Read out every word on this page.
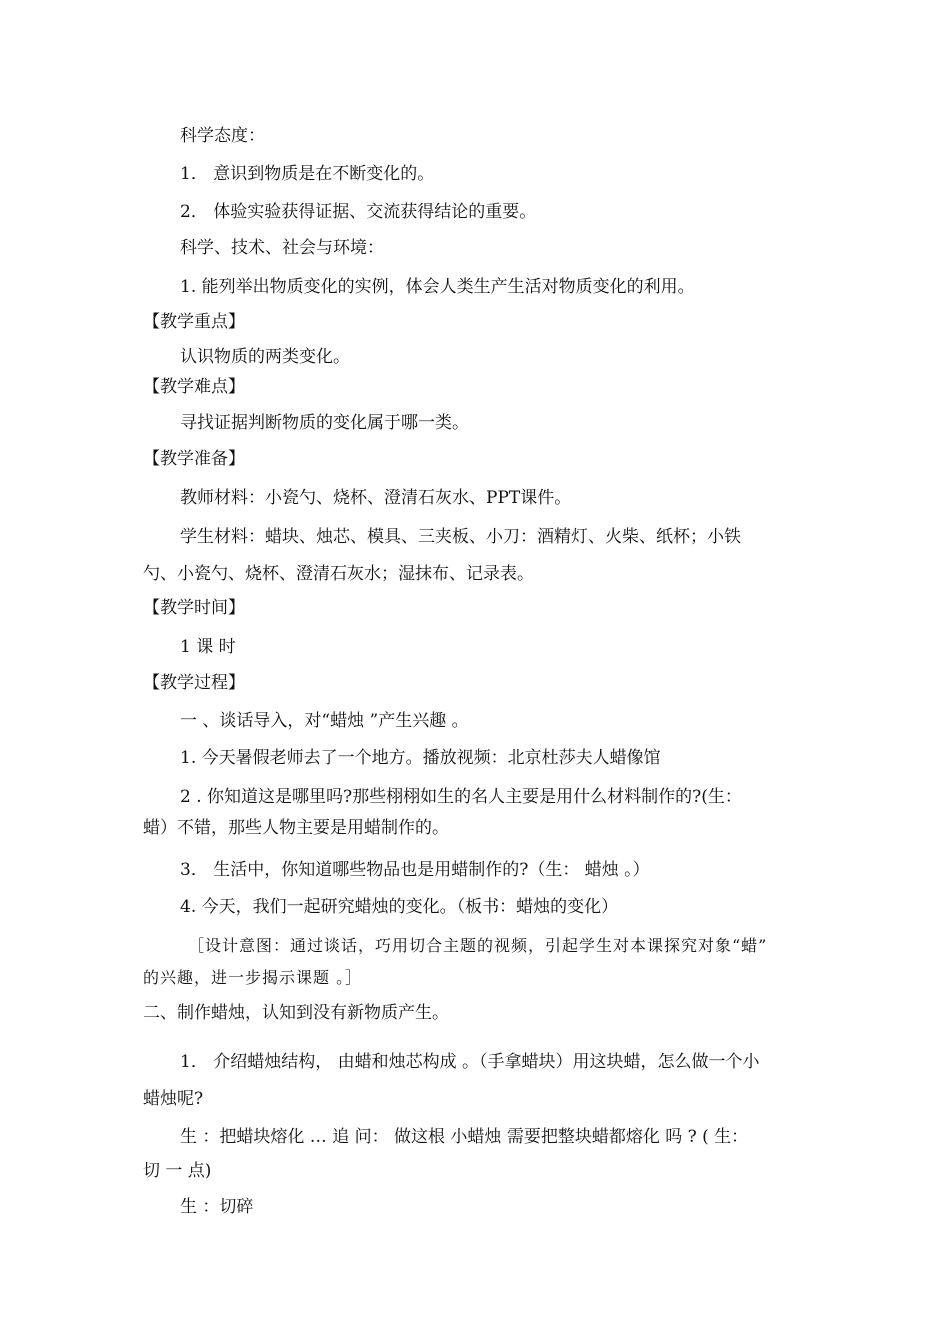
科学态度：
1． 意识到物质是在不断变化的。
2． 体验实验获得证据、交流获得结论的重要。
科学、技术、社会与环境：
1. 能列举出物质变化的实例，体会人类生产生活对物质变化的利用。
【教学重点】
认识物质的两类变化。
【教学难点】
寻找证据判断物质的变化属于哪一类。
【教学准备】
教师材料：小瓷勺、烧杯、澄清石灰水、PPT课件。
学生材料：蜡块、烛芯、模具、三夹板、小刀：酒精灯、火柴、纸杯；小铁
勺、小瓷勺、烧杯、澄清石灰水；湿抹布、记录表。
【教学时间】
1 课 时
【教学过程】
一 、谈话导入，对“蜡烛 ”产生兴趣 。
1. 今天暑假老师去了一个地方。播放视频：北京杜莎夫人蜡像馆
2 . 你知道这是哪里吗?那些栩栩如生的名人主要是用什么材料制作的?(生：
蜡）不错，那些人物主要是用蜡制作的。
3． 生活中，你知道哪些物品也是用蜡制作的?（生： 蜡烛 。）
4. 今天，我们一起研究蜡烛的变化。（板书：蜡烛的变化）
［设计意图：通过谈话，巧用切合主题的视频，引起学生对本课探究对象“蜡”
的兴趣，进一步揭示课题 。］
二、制作蜡烛，认知到没有新物质产生。
1． 介绍蜡烛结构， 由蜡和烛芯构成 。（手拿蜡块）用这块蜡，怎么做一个小
蜡烛呢?
生 ：把蜡块熔化 … 追 问： 做这根 小蜡烛 需要把整块蜡都熔化 吗 ? ( 生：
切 一 点)
生 ：切碎
